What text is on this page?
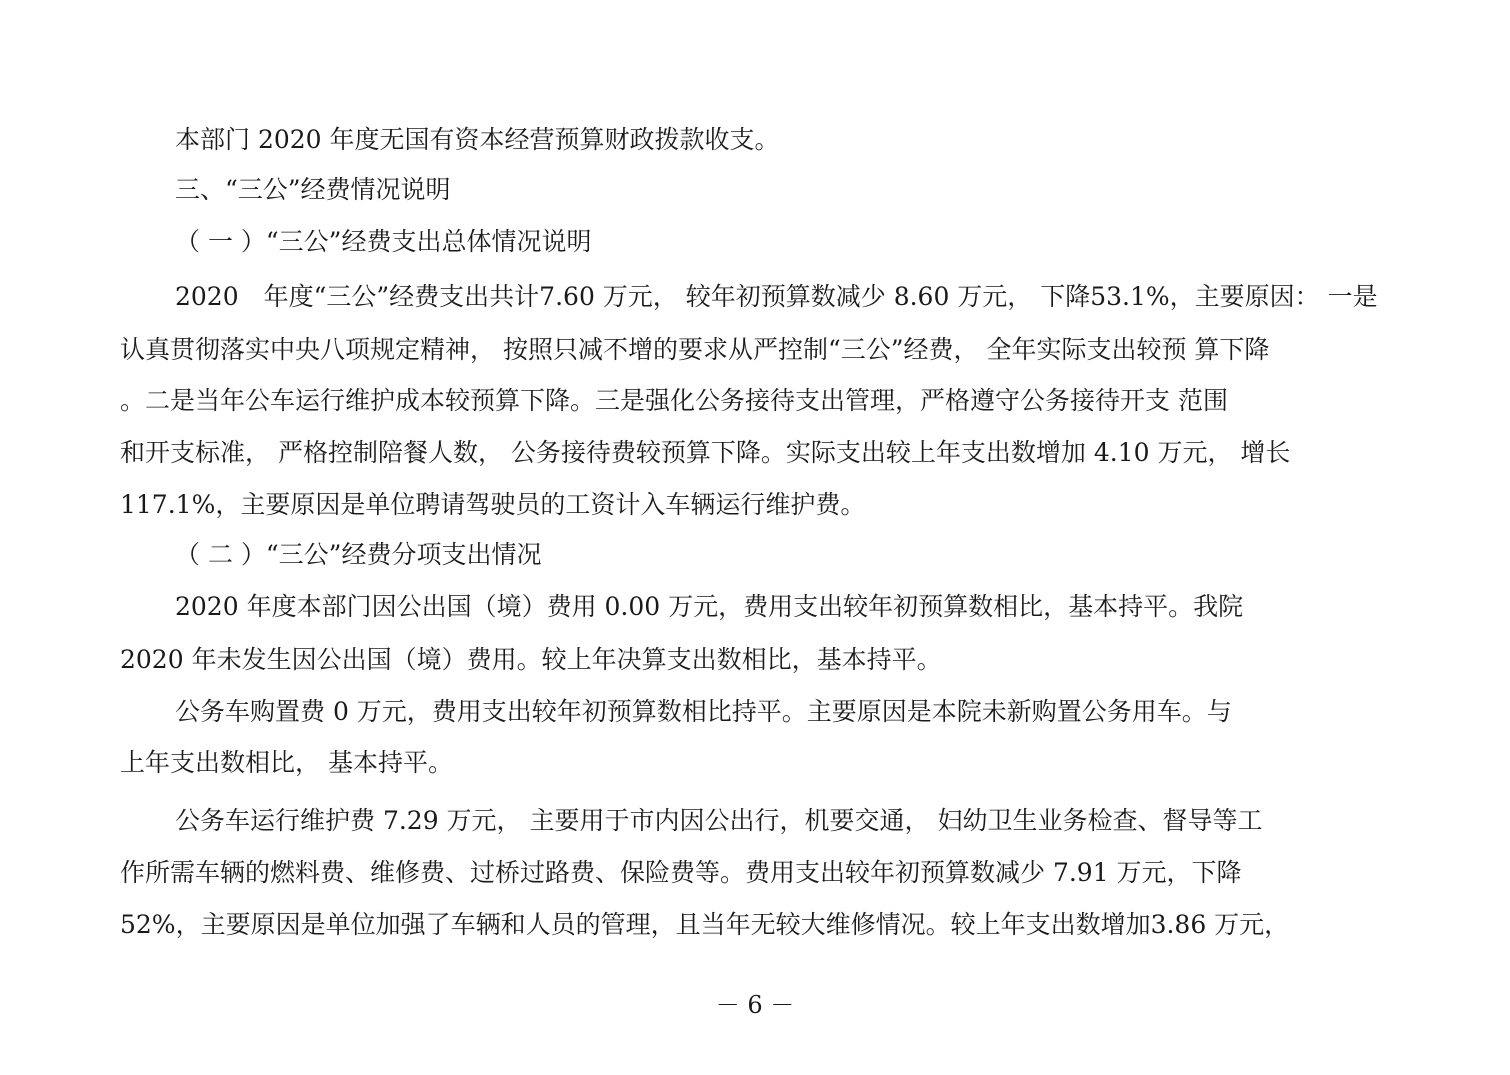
本部门 2020 年度无国有资本经营预算财政拨款收支。
三、“三公”经费情况说明
（ 一 ）“三公”经费支出总体情况说明
2020　年度“三公”经费支出共计7.60 万元， 较年初预算数减少 8.60 万元， 下降53.1%，主要原因： 一是
认真贯彻落实中央八项规定精神， 按照只减不增的要求从严控制“三公”经费， 全年实际支出较预 算下降
。二是当年公车运行维护成本较预算下降。三是强化公务接待支出管理，严格遵守公务接待开支 范围
和开支标准， 严格控制陪餐人数， 公务接待费较预算下降。实际支出较上年支出数增加 4.10 万元， 增长
117.1%，主要原因是单位聘请驾驶员的工资计入车辆运行维护费。
（ 二 ）“三公”经费分项支出情况
2020 年度本部门因公出国（境）费用 0.00 万元，费用支出较年初预算数相比，基本持平。我院
2020 年未发生因公出国（境）费用。较上年决算支出数相比，基本持平。
公务车购置费 0 万元，费用支出较年初预算数相比持平。主要原因是本院未新购置公务用车。与
上年支出数相比， 基本持平。
公务车运行维护费 7.29 万元， 主要用于市内因公出行，机要交通， 妇幼卫生业务检查、督导等工
作所需车辆的燃料费、维修费、过桥过路费、保险费等。费用支出较年初预算数减少 7.91 万元，下降
52%，主要原因是单位加强了车辆和人员的管理，且当年无较大维修情况。较上年支出数增加3.86 万元，
－ 6 －
